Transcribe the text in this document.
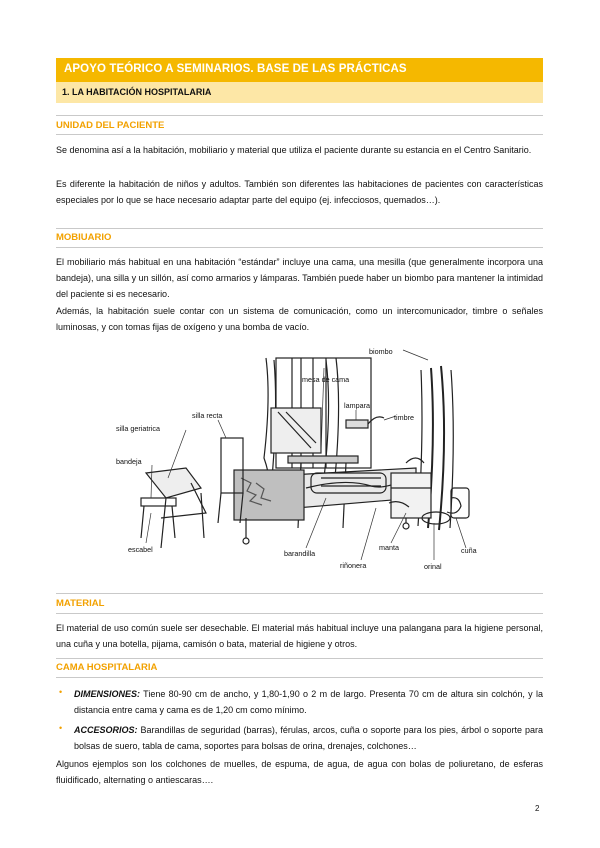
APOYO TEÓRICO A SEMINARIOS. BASE DE LAS PRÁCTICAS
1. LA HABITACIÓN HOSPITALARIA
UNIDAD DEL PACIENTE
Se denomina así a la habitación, mobiliario y material que utiliza el paciente durante su estancia en el Centro Sanitario.
Es diferente la habitación de niños y adultos. También son diferentes las habitaciones de pacientes con características especiales por lo que se hace necesario adaptar parte del equipo (ej. infecciosos, quemados…).
MOBIUARIO
El mobiliario más habitual en una habitación “estándar” incluye una cama, una mesilla (que generalmente incorpora una bandeja), una silla y un sillón, así como armarios y lámparas. También puede haber un biombo para mantener la intimidad del paciente si es necesario.
Además, la habitación suele contar con un sistema de comunicación, como un intercomunicador, timbre o señales luminosas, y con tomas fijas de oxígeno y una bomba de vacío.
biombo
mesa de cama
lampara
timbre
silla recta
silla geriatrica
bandeja
escabel	barandilla
riñonera
manta
orinal
cuña
MATERIAL
El material de uso común suele ser desechable. El material más habitual incluye una palangana para la higiene personal, una cuña y una botella, pijama, camisón o bata, material de higiene y otros.
CAMA HOSPITALARIA
• DIMENSIONES: Tiene 80-90 cm de ancho, y 1,80-1,90 o 2 m de largo. Presenta 70 cm de altura sin colchón, y la distancia entre cama y cama es de 1,20 cm como mínimo.
• ACCESORIOS: Barandillas de seguridad (barras), férulas, arcos, cuña o soporte para los pies, árbol o soporte para bolsas de suero, tabla de cama, soportes para bolsas de orina, drenajes, colchones…
Algunos ejemplos son los colchones de muelles, de espuma, de agua, de agua con bolas de poliuretano, de esferas fluidificado, alternating o antiescaras….
2
